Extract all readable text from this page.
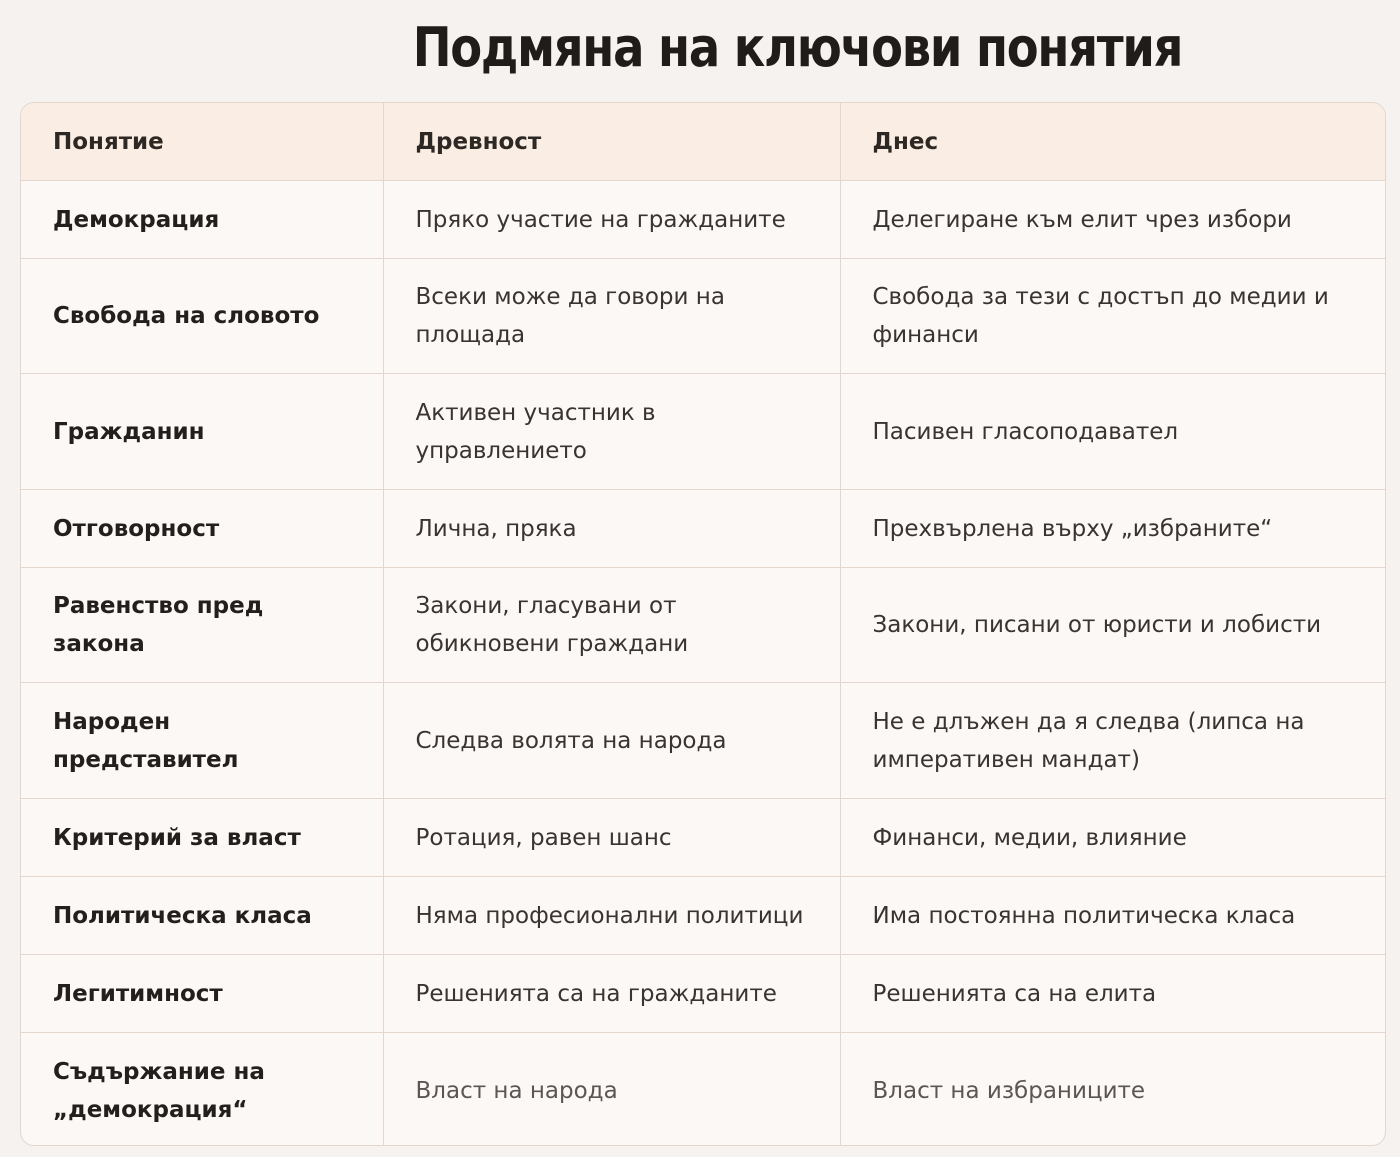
Подмяна на ключови понятия
Понятие	Древност	Днес
Демокрация	Пряко участие на гражданите	Делегиране към елит чрез избори
Свобода на словото	Всеки може да говори на площада	Свобода за тези с достъп до медии и финанси
Гражданин	Активен участник в управлението	Пасивен гласоподавател
Отговорност	Лична, пряка	Прехвърлена върху „избраните“
Равенство пред закона	Закони, гласувани от обикновени граждани	Закони, писани от юристи и лобисти
Народен представител	Следва волята на народа	Не е длъжен да я следва (липса на императивен мандат)
Критерий за власт	Ротация, равен шанс	Финанси, медии, влияние
Политическа класа	Няма професионални политици	Има постоянна политическа класа
Легитимност	Решенията са на гражданите	Решенията са на елита
Съдържание на „демокрация“	Власт на народа	Власт на избраниците
